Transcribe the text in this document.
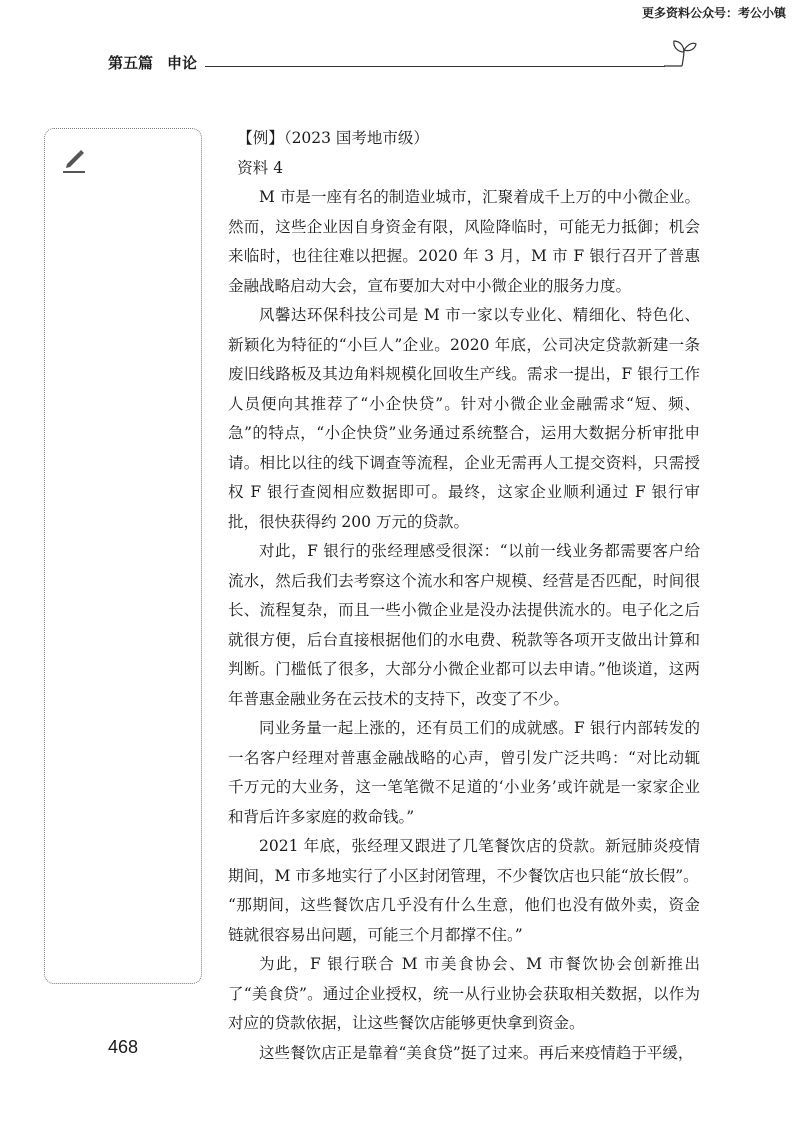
更多资料公众号：考公小镇
第五篇 申论

【例】（2023 国考地市级）

资料 4

M 市是一座有名的制造业城市，汇聚着成千上万的中小微企业。然而，这些企业因自身资金有限，风险降临时，可能无力抵御；机会来临时，也往往难以把握。2020 年 3 月，M 市 F 银行召开了普惠金融战略启动大会，宣布要加大对中小微企业的服务力度。

风馨达环保科技公司是 M 市一家以专业化、精细化、特色化、新颖化为特征的“小巨人”企业。2020 年底，公司决定贷款新建一条废旧线路板及其边角料规模化回收生产线。需求一提出，F 银行工作人员便向其推荐了“小企快贷”。针对小微企业金融需求“短、频、急”的特点，“小企快贷”业务通过系统整合，运用大数据分析审批申请。相比以往的线下调查等流程，企业无需再人工提交资料，只需授权 F 银行查阅相应数据即可。最终，这家企业顺利通过 F 银行审批，很快获得约 200 万元的贷款。

对此，F 银行的张经理感受很深：“以前一线业务都需要客户给流水，然后我们去考察这个流水和客户规模、经营是否匹配，时间很长、流程复杂，而且一些小微企业是没办法提供流水的。电子化之后就很方便，后台直接根据他们的水电费、税款等各项开支做出计算和判断。门槛低了很多，大部分小微企业都可以去申请。”他谈道，这两年普惠金融业务在云技术的支持下，改变了不少。

同业务量一起上涨的，还有员工们的成就感。F 银行内部转发的一名客户经理对普惠金融战略的心声，曾引发广泛共鸣：“对比动辄千万元的大业务，这一笔笔微不足道的‘小业务’或许就是一家家企业和背后许多家庭的救命钱。”

2021 年底，张经理又跟进了几笔餐饮店的贷款。新冠肺炎疫情期间，M 市多地实行了小区封闭管理，不少餐饮店也只能“放长假”。

“那期间，这些餐饮店几乎没有什么生意，他们也没有做外卖，资金链就很容易出问题，可能三个月都撑不住。”

为此，F 银行联合 M 市美食协会、M 市餐饮协会创新推出了“美食贷”。通过企业授权，统一从行业协会获取相关数据，以作为对应的贷款依据，让这些餐饮店能够更快拿到资金。

这些餐饮店正是靠着“美食贷”挺了过来。再后来疫情趋于平缓，

468
